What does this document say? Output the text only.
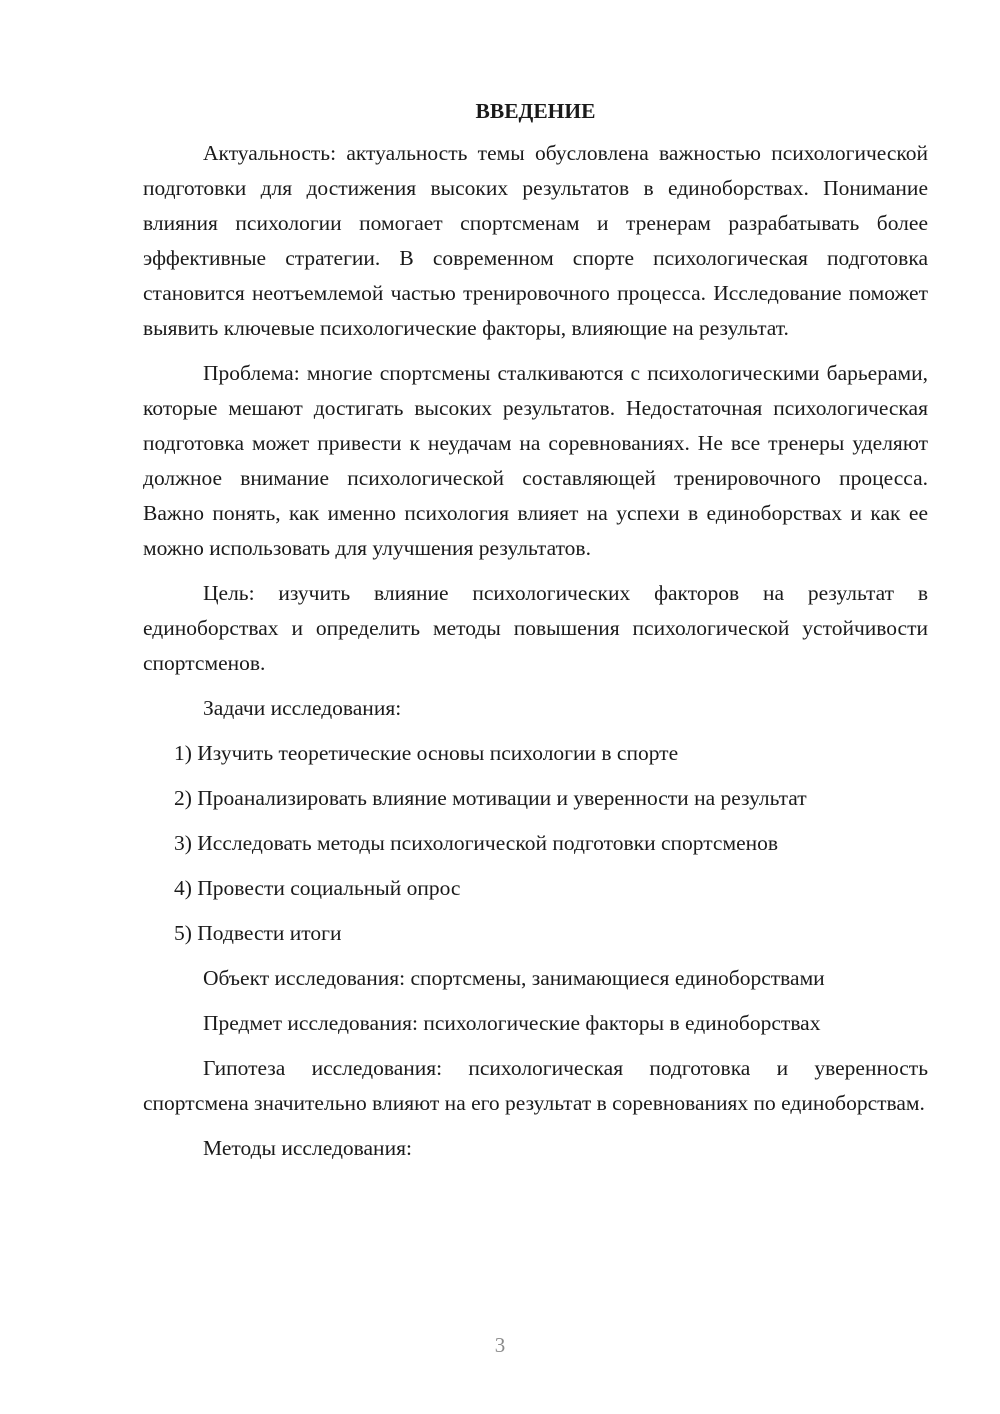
ВВЕДЕНИЕ

Актуальность: актуальность темы обусловлена важностью психологической подготовки для достижения высоких результатов в единоборствах. Понимание влияния психологии помогает спортсменам и тренерам разрабатывать более эффективные стратегии. В современном спорте психологическая подготовка становится неотъемлемой частью тренировочного процесса. Исследование поможет выявить ключевые психологические факторы, влияющие на результат.

Проблема: многие спортсмены сталкиваются с психологическими барьерами, которые мешают достигать высоких результатов. Недостаточная психологическая подготовка может привести к неудачам на соревнованиях. Не все тренеры уделяют должное внимание психологической составляющей тренировочного процесса. Важно понять, как именно психология влияет на успехи в единоборствах и как ее можно использовать для улучшения результатов.

Цель: изучить влияние психологических факторов на результат в единоборствах и определить методы повышения психологической устойчивости спортсменов.

Задачи исследования:

1) Изучить теоретические основы психологии в спорте
2) Проанализировать влияние мотивации и уверенности на результат
3) Исследовать методы психологической подготовки спортсменов
4) Провести социальный опрос
5) Подвести итоги

Объект исследования: спортсмены, занимающиеся единоборствами

Предмет исследования: психологические факторы в единоборствах

Гипотеза исследования: психологическая подготовка и уверенность спортсмена значительно влияют на его результат в соревнованиях по единоборствам.

Методы исследования:

3
